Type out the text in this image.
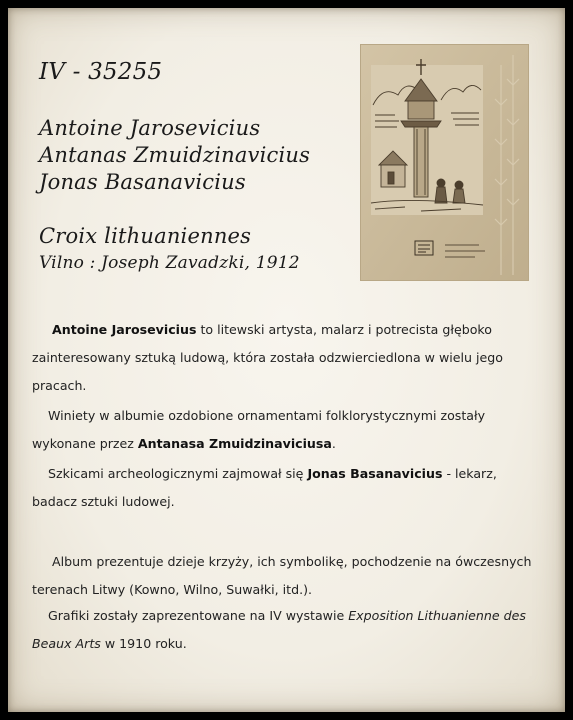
IV - 35255
Antoine Jarosevicius
Antanas Zmuidzinavicius
Jonas Basanavicius
Croix lithuaniennes
Vilno : Joseph Zavadzki, 1912

Antoine Jarosevicius to litewski artysta, malarz i potrecista głęboko zainteresowany sztuką ludową, która została odzwierciedlona w wielu jego pracach.

Winiety w albumie ozdobione ornamentami folklorystycznymi zostały wykonane przez Antanasa Zmuidzinaviciusa.

Szkicami archeologicznymi zajmował się Jonas Basanavicius - lekarz, badacz sztuki ludowej.

Album prezentuje dzieje krzyży, ich symbolikę, pochodzenie na ówczesnych terenach Litwy (Kowno, Wilno, Suwałki, itd.).

Grafiki zostały zaprezentowane na IV wystawie Exposition Lithuanienne des Beaux Arts w 1910 roku.
